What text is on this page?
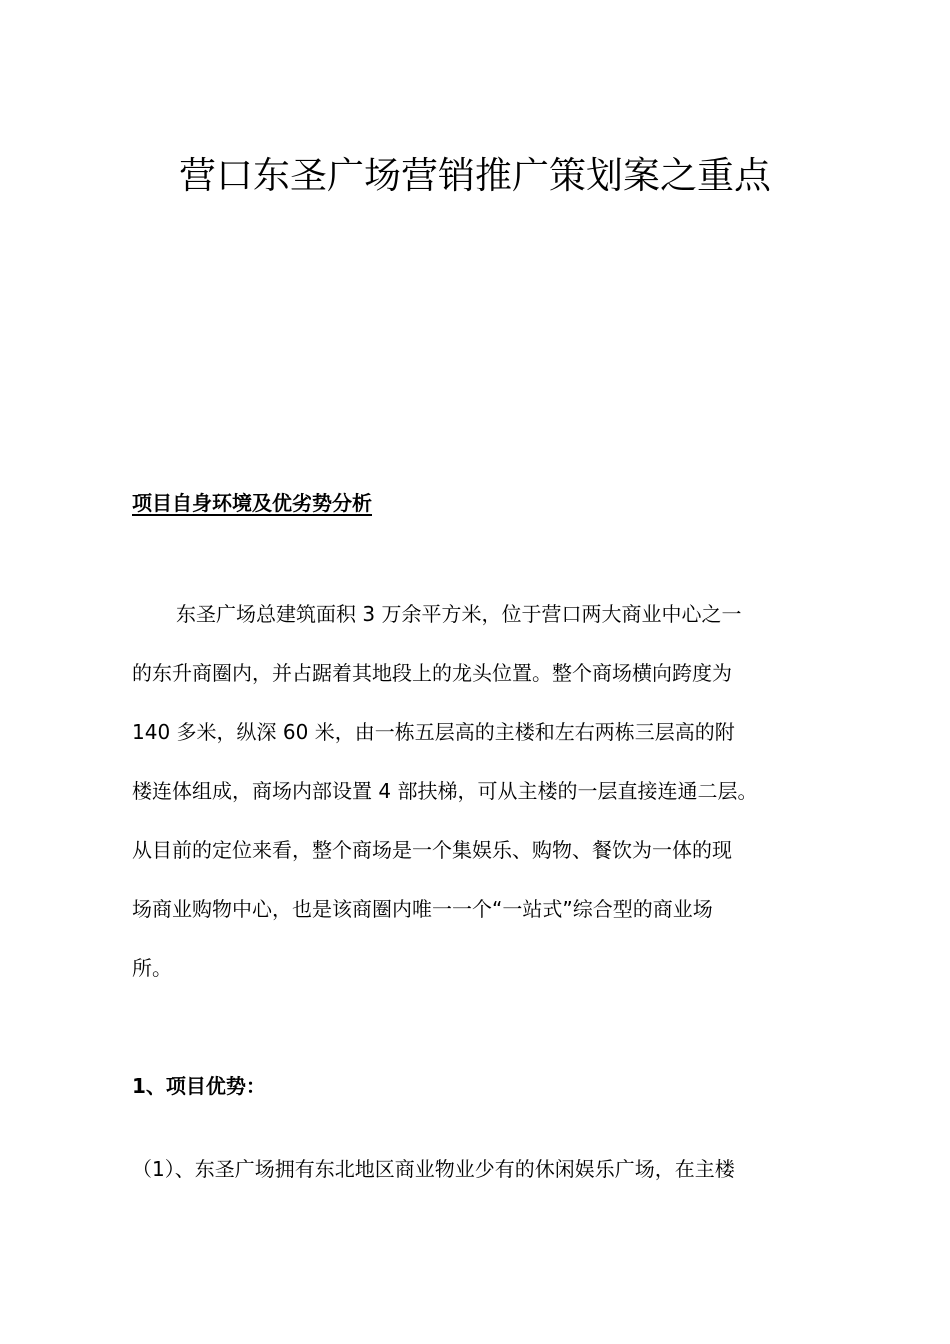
营口东圣广场营销推广策划案之重点
项目自身环境及优劣势分析

东圣广场总建筑面积 3 万余平方米，位于营口两大商业中心之一
的东升商圈内，并占踞着其地段上的龙头位置。整个商场横向跨度为
140 多米，纵深 60 米，由一栋五层高的主楼和左右两栋三层高的附
楼连体组成，商场内部设置 4 部扶梯，可从主楼的一层直接连通二层。
从目前的定位来看，整个商场是一个集娱乐、购物、餐饮为一体的现
场商业购物中心，也是该商圈内唯一一个“一站式”综合型的商业场
所。

1、项目优势：

（1）、东圣广场拥有东北地区商业物业少有的休闲娱乐广场，在主楼
